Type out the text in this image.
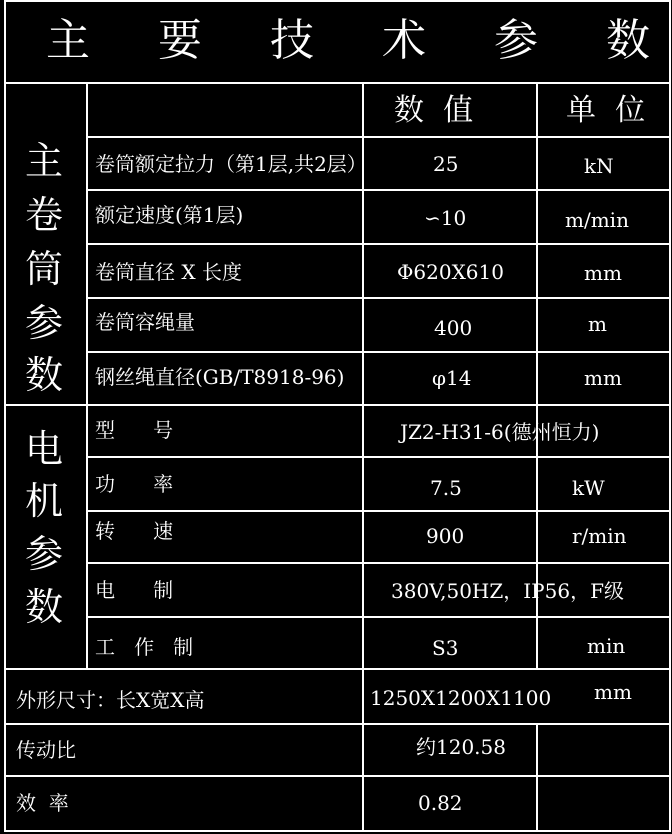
主 要 技 术 参 数
数  值	单  位
主
卷
筒
参
数
电
机
参
数
卷筒额定拉力（第1层,共2层）	25	kN
额定速度(第1层)	∽10	m/min
卷筒直径 X 长度	Φ620X610	mm
卷筒容绳量	400	m
钢丝绳直径(GB/T8918-96)	φ14	mm
型      号	JZ2-H31-6(德州恒力)
功      率	7.5	kW
转      速	900	r/min
电      制	380V,50HZ，IP56，F级
工   作   制	S3	min
外形尺寸：长X宽X高	1250X1200X1100 mm
传动比	约120.58
效  率	0.82
